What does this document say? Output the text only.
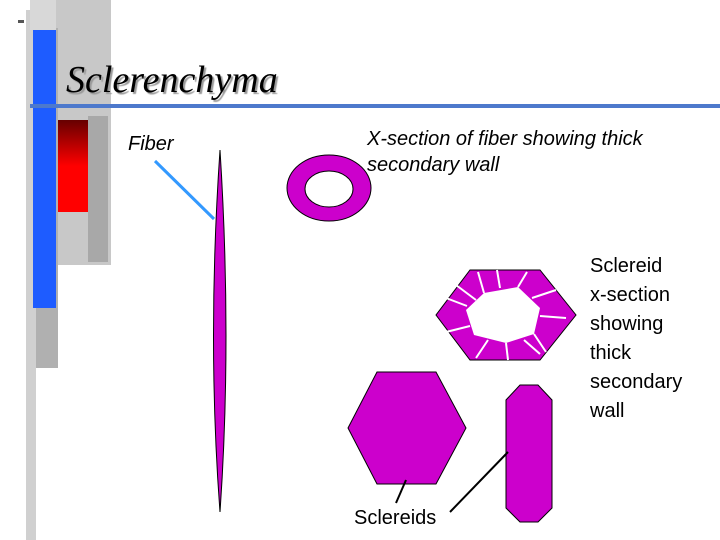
Sclerenchyma
Fiber	X-section of fiber showing thick secondary wall
Sclereid
x-section
showing
thick
secondary
wall
Sclereids
